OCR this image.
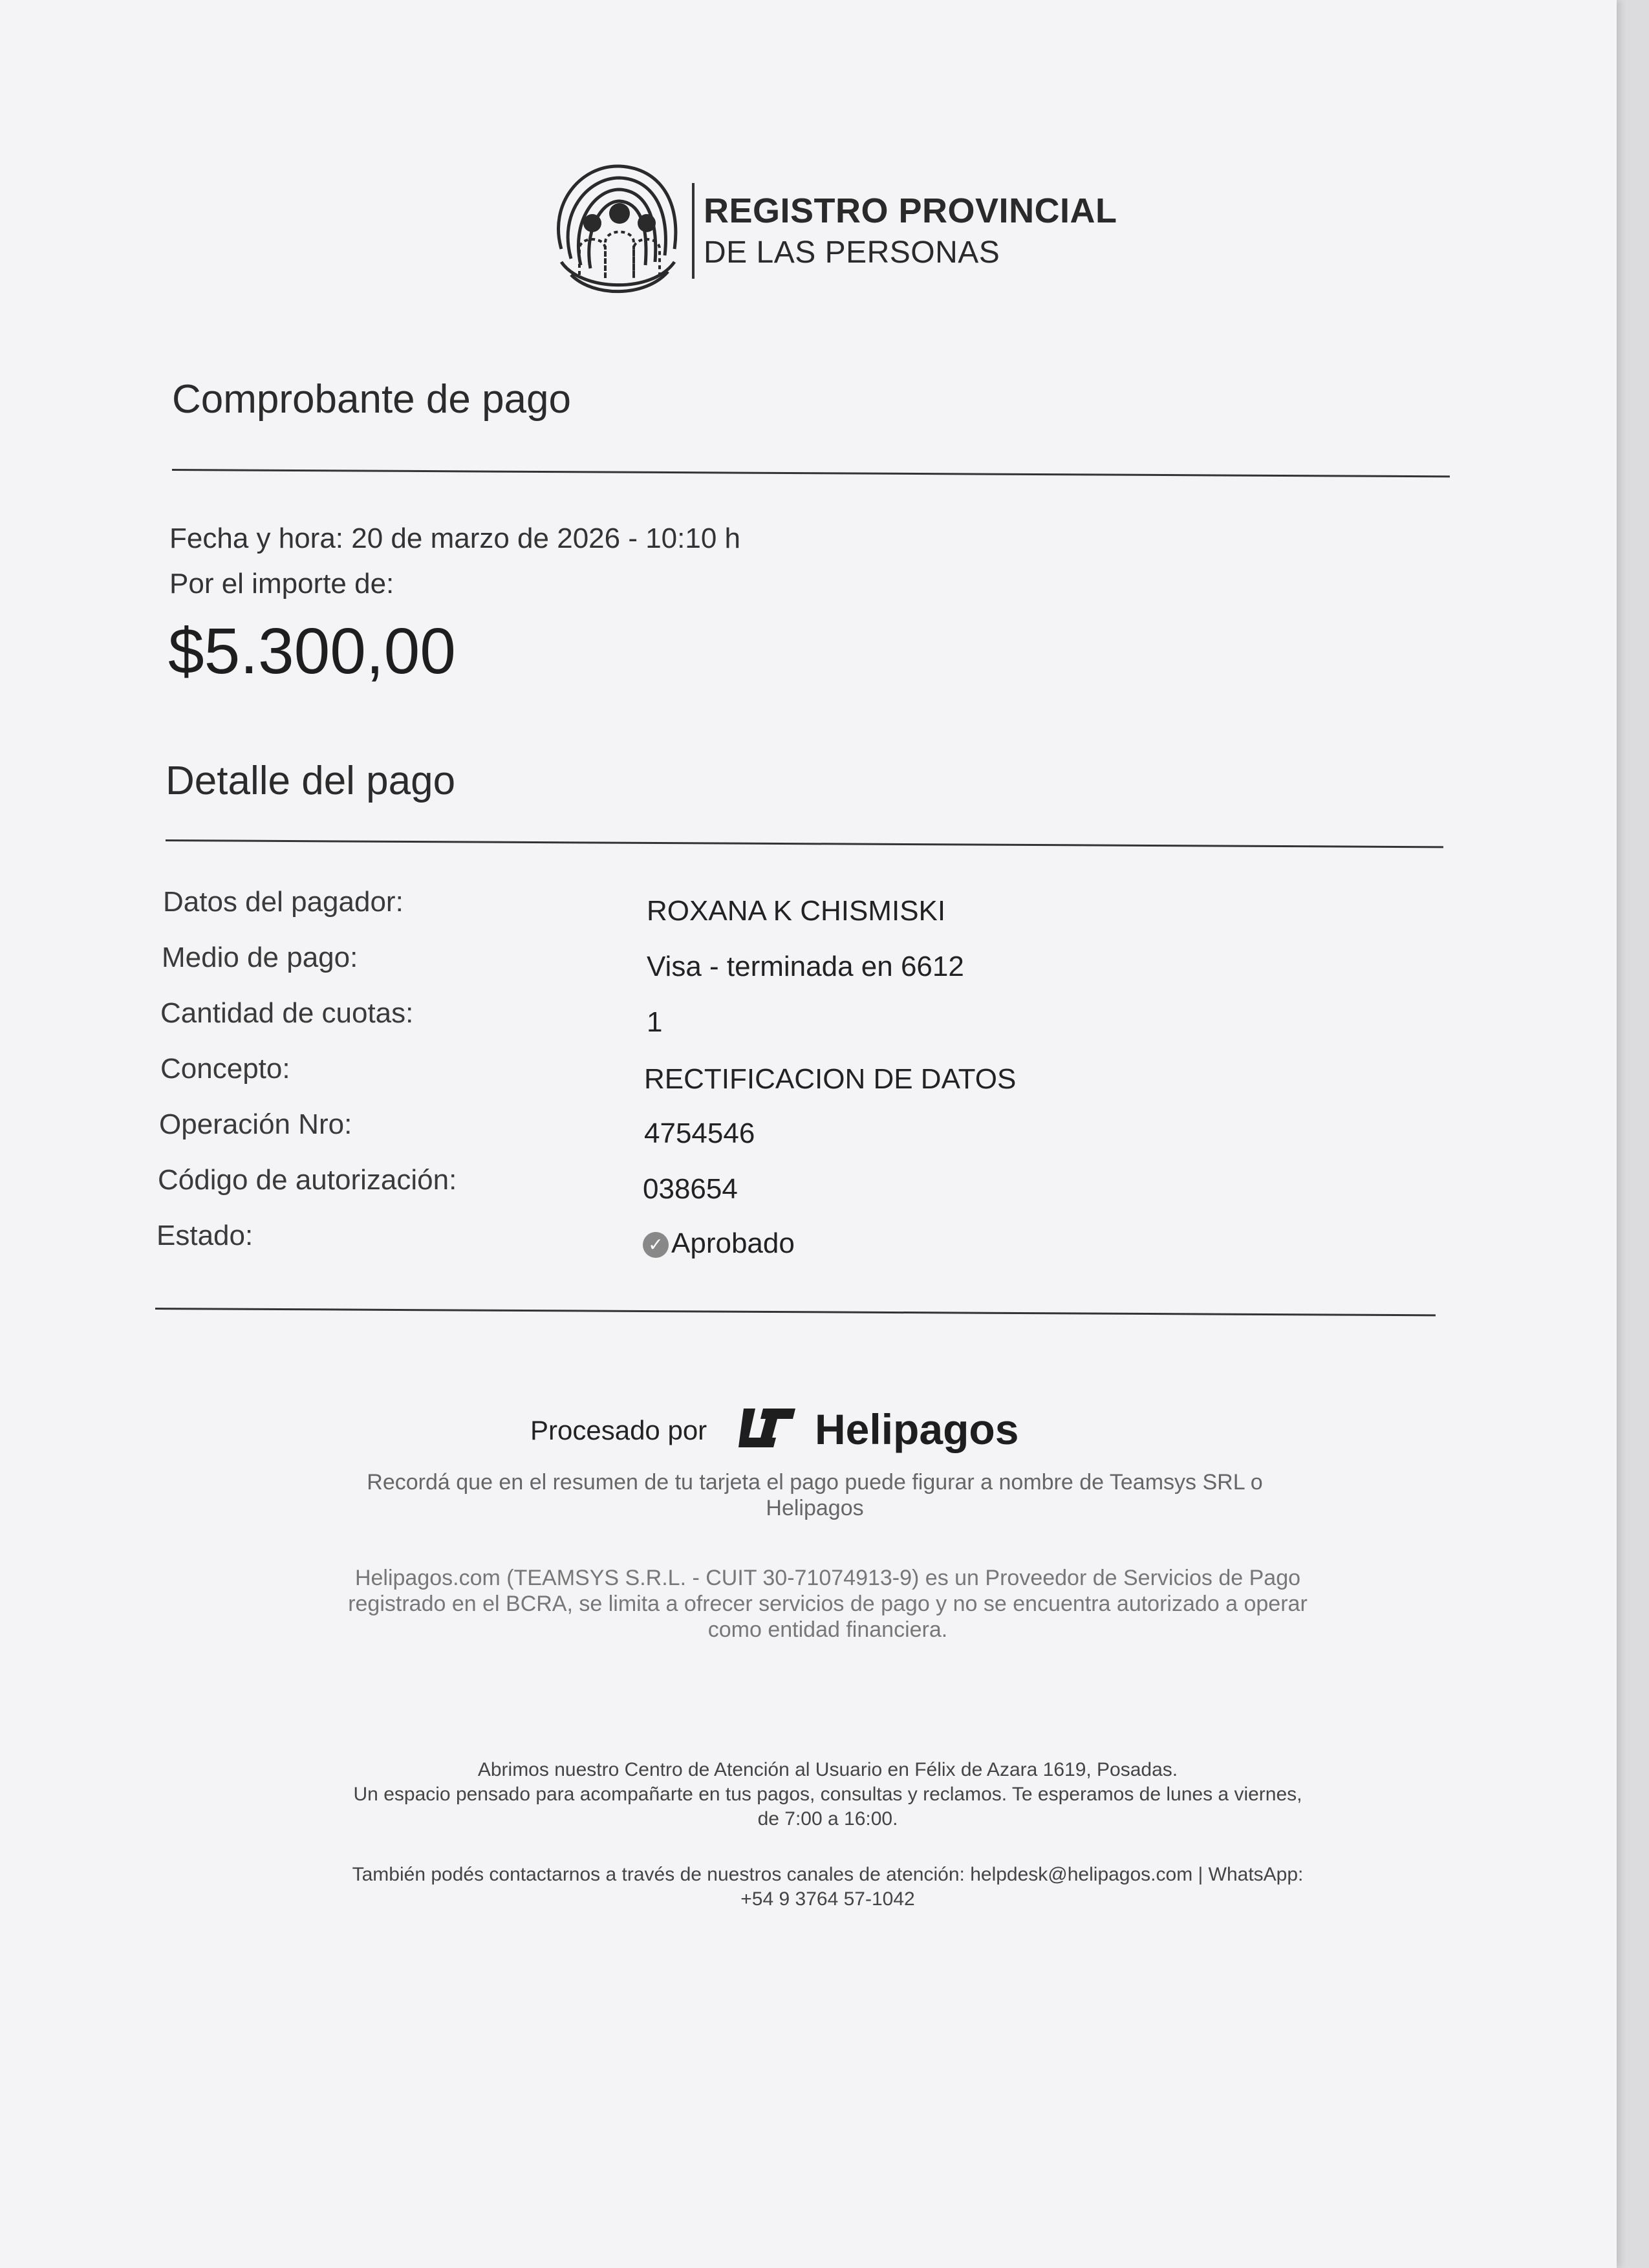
REGISTRO PROVINCIAL
DE LAS PERSONAS
Comprobante de pago
Fecha y hora: 20 de marzo de 2026 - 10:10 h
Por el importe de:
$5.300,00
Detalle del pago
Datos del pagador:	ROXANA K CHISMISKI
Medio de pago:	Visa - terminada en 6612
Cantidad de cuotas:	1
Concepto:	RECTIFICACION DE DATOS
Operación Nro:	4754546
Código de autorización:	038654
Estado:	✓ Aprobado
Procesado por	Helipagos
Recordá que en el resumen de tu tarjeta el pago puede figurar a nombre de Teamsys SRL o
Helipagos
Helipagos.com (TEAMSYS S.R.L. - CUIT 30-71074913-9) es un Proveedor de Servicios de Pago
registrado en el BCRA, se limita a ofrecer servicios de pago y no se encuentra autorizado a operar
como entidad financiera.
Abrimos nuestro Centro de Atención al Usuario en Félix de Azara 1619, Posadas.
Un espacio pensado para acompañarte en tus pagos, consultas y reclamos. Te esperamos de lunes a viernes,
de 7:00 a 16:00.
También podés contactarnos a través de nuestros canales de atención: helpdesk@helipagos.com | WhatsApp:
+54 9 3764 57-1042
